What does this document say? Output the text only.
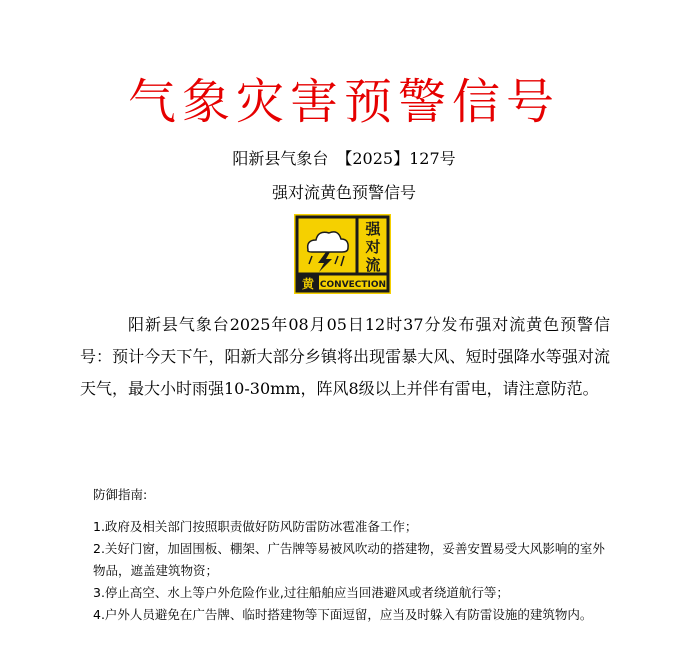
气象灾害预警信号
阳新县气象台　【2025】127号
强对流黄色预警信号
强
对
流
黄 CONVECTION
阳新县气象台2025年08月05日12时37分发布强对流黄色预警信号：预计今天下午，阳新大部分乡镇将出现雷暴大风、短时强降水等强对流天气，最大小时雨强10-30mm，阵风8级以上并伴有雷电，请注意防范。
防御指南:
1.政府及相关部门按照职责做好防风防雷防冰雹准备工作；
2.关好门窗，加固围板、棚架、广告牌等易被风吹动的搭建物，妥善安置易受大风影响的室外物品，遮盖建筑物资；
3.停止高空、水上等户外危险作业,过往船舶应当回港避风或者绕道航行等；
4.户外人员避免在广告牌、临时搭建物等下面逗留，应当及时躲入有防雷设施的建筑物内。
